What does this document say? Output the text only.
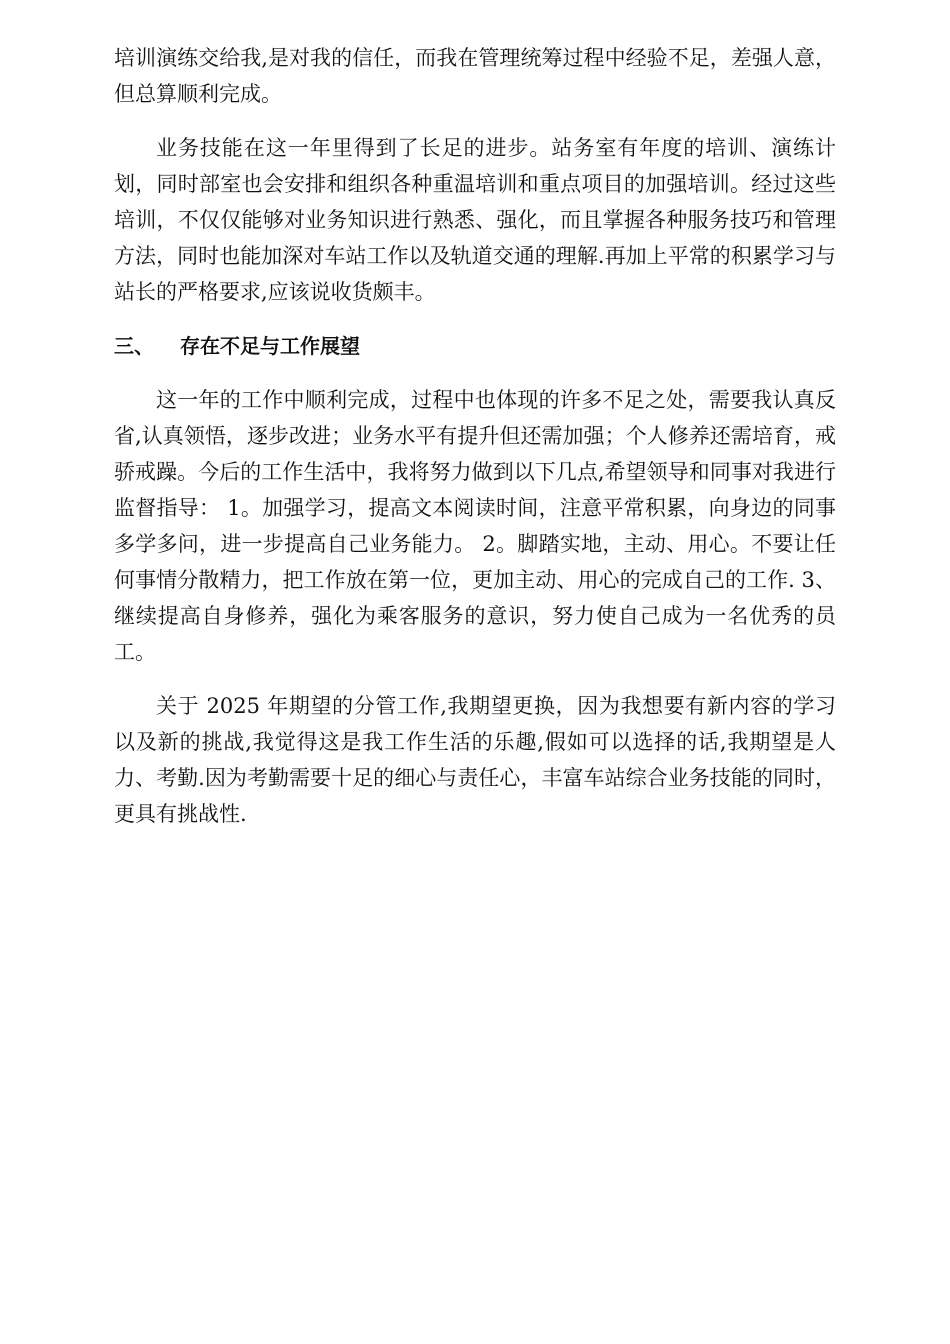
培训演练交给我,是对我的信任，而我在管理统筹过程中经验不足，差强人意，但总算顺利完成。

业务技能在这一年里得到了长足的进步。站务室有年度的培训、演练计划，同时部室也会安排和组织各种重温培训和重点项目的加强培训。经过这些培训，不仅仅能够对业务知识进行熟悉、强化，而且掌握各种服务技巧和管理方法，同时也能加深对车站工作以及轨道交通的理解.再加上平常的积累学习与站长的严格要求,应该说收货颇丰。

三、 存在不足与工作展望

这一年的工作中顺利完成，过程中也体现的许多不足之处，需要我认真反省,认真领悟，逐步改进；业务水平有提升但还需加强；个人修养还需培育，戒骄戒躁。今后的工作生活中，我将努力做到以下几点,希望领导和同事对我进行监督指导： 1。加强学习，提高文本阅读时间，注意平常积累，向身边的同事多学多问，进一步提高自己业务能力。 2。脚踏实地，主动、用心。不要让任何事情分散精力，把工作放在第一位，更加主动、用心的完成自己的工作. 3、继续提高自身修养，强化为乘客服务的意识，努力使自己成为一名优秀的员工。

关于 2025 年期望的分管工作,我期望更换，因为我想要有新内容的学习以及新的挑战,我觉得这是我工作生活的乐趣,假如可以选择的话,我期望是人力、考勤.因为考勤需要十足的细心与责任心，丰富车站综合业务技能的同时，更具有挑战性.
